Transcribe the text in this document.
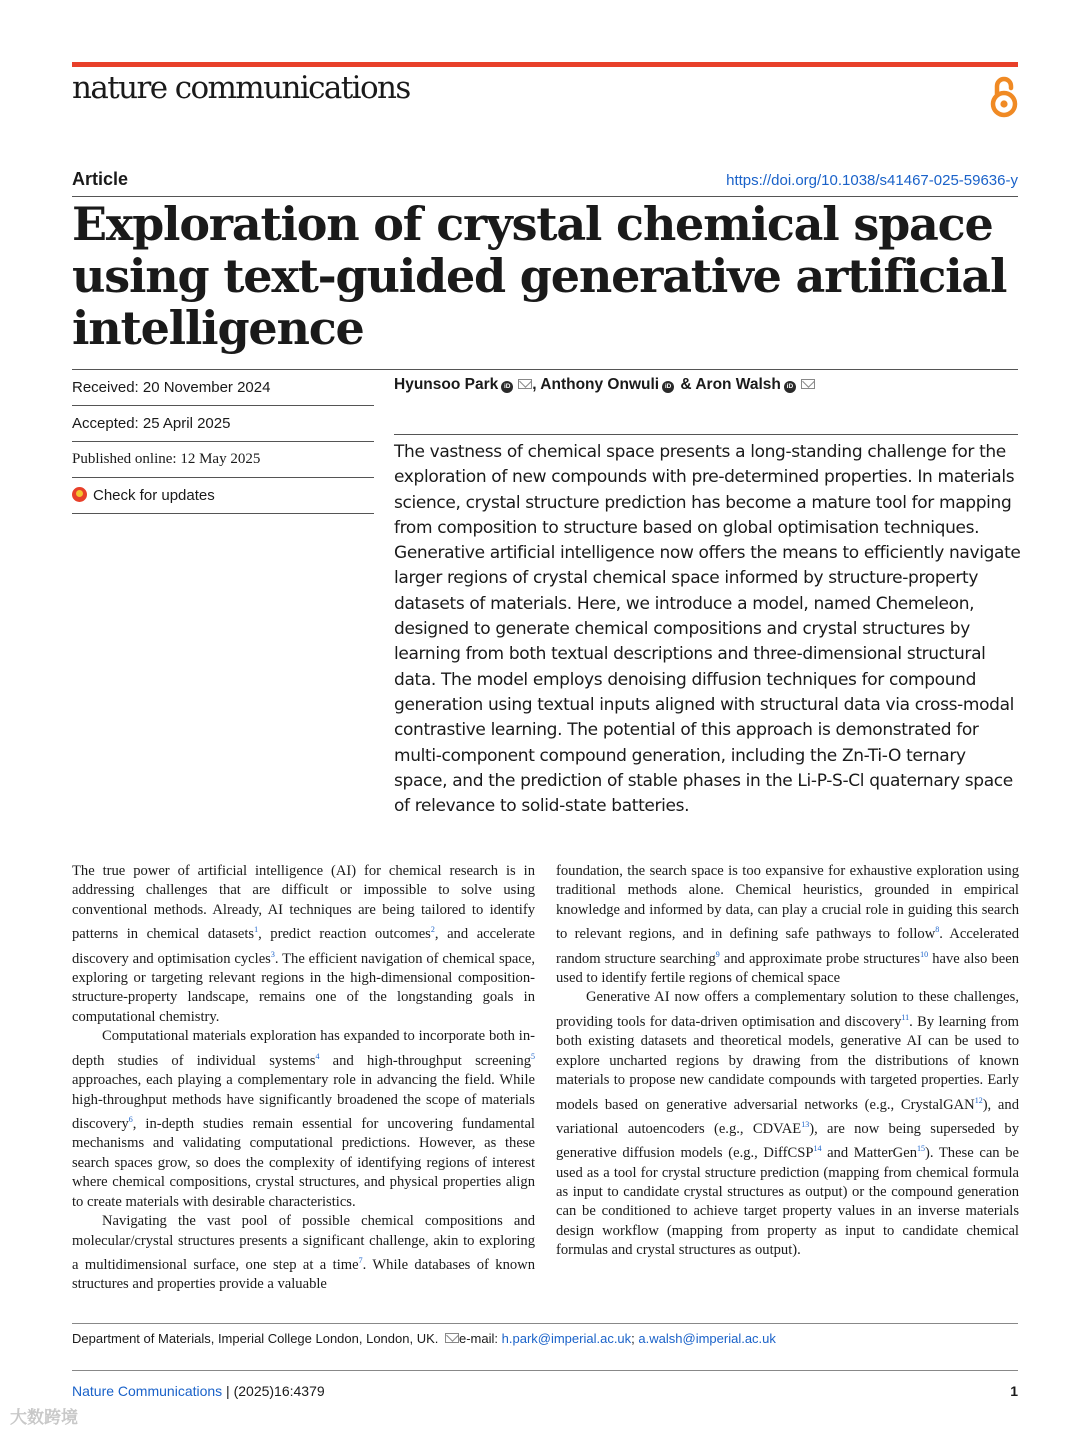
nature communications
Article	https://doi.org/10.1038/s41467-025-59636-y
Exploration of crystal chemical space using text-guided generative artificial intelligence
Received: 20 November 2024
Accepted: 25 April 2025
Published online: 12 May 2025
Check for updates
Hyunsoo Park iD , Anthony Onwuli iD & Aron Walsh iD

The vastness of chemical space presents a long-standing challenge for the exploration of new compounds with pre-determined properties. In materials science, crystal structure prediction has become a mature tool for mapping from composition to structure based on global optimisation techniques. Generative artificial intelligence now offers the means to efficiently navigate larger regions of crystal chemical space informed by structure-property datasets of materials. Here, we introduce a model, named Chemeleon, designed to generate chemical compositions and crystal structures by learning from both textual descriptions and three-dimensional structural data. The model employs denoising diffusion techniques for compound generation using textual inputs aligned with structural data via cross-modal contrastive learning. The potential of this approach is demonstrated for multi-component compound generation, including the Zn-Ti-O ternary space, and the prediction of stable phases in the Li-P-S-Cl quaternary space of relevance to solid-state batteries.

The true power of artificial intelligence (AI) for chemical research is in addressing challenges that are difficult or impossible to solve using conventional methods. Already, AI techniques are being tailored to identify patterns in chemical datasets$^1$, predict reaction outcomes$^2$, and accelerate discovery and optimisation cycles$^3$. The efficient navigation of chemical space, exploring or targeting relevant regions in the high-dimensional composition-structure-property landscape, remains one of the longstanding goals in computational chemistry.

Computational materials exploration has expanded to incorporate both in-depth studies of individual systems$^4$ and high-throughput screening$^5$ approaches, each playing a complementary role in advancing the field. While high-throughput methods have significantly broadened the scope of materials discovery$^6$, in-depth studies remain essential for uncovering fundamental mechanisms and validating computational predictions. However, as these search spaces grow, so does the complexity of identifying regions of interest where chemical compositions, crystal structures, and physical properties align to create materials with desirable characteristics.

Navigating the vast pool of possible chemical compositions and molecular/crystal structures presents a significant challenge, akin to exploring a multidimensional surface, one step at a time$^7$. While databases of known structures and properties provide a valuable

foundation, the search space is too expansive for exhaustive exploration using traditional methods alone. Chemical heuristics, grounded in empirical knowledge and informed by data, can play a crucial role in guiding this search to relevant regions, and in defining safe pathways to follow$^8$. Accelerated random structure searching$^9$ and approximate probe structures$^{10}$ have also been used to identify fertile regions of chemical space

Generative AI now offers a complementary solution to these challenges, providing tools for data-driven optimisation and discovery$^{11}$. By learning from both existing datasets and theoretical models, generative AI can be used to explore uncharted regions by drawing from the distributions of known materials to propose new candidate compounds with targeted properties. Early models based on generative adversarial networks (e.g., CrystalGAN$^{12}$), and variational autoencoders (e.g., CDVAE$^{13}$), are now being superseded by generative diffusion models (e.g., DiffCSP$^{14}$ and MatterGen$^{15}$). These can be used as a tool for crystal structure prediction (mapping from chemical formula as input to candidate crystal structures as output) or the compound generation can be conditioned to achieve target property values in an inverse materials design workflow (mapping from property as input to candidate chemical formulas and crystal structures as output).

Department of Materials, Imperial College London, London, UK. e-mail: h.park@imperial.ac.uk; a.walsh@imperial.ac.uk
Nature Communications | (2025)16:4379	1
大数跨境
